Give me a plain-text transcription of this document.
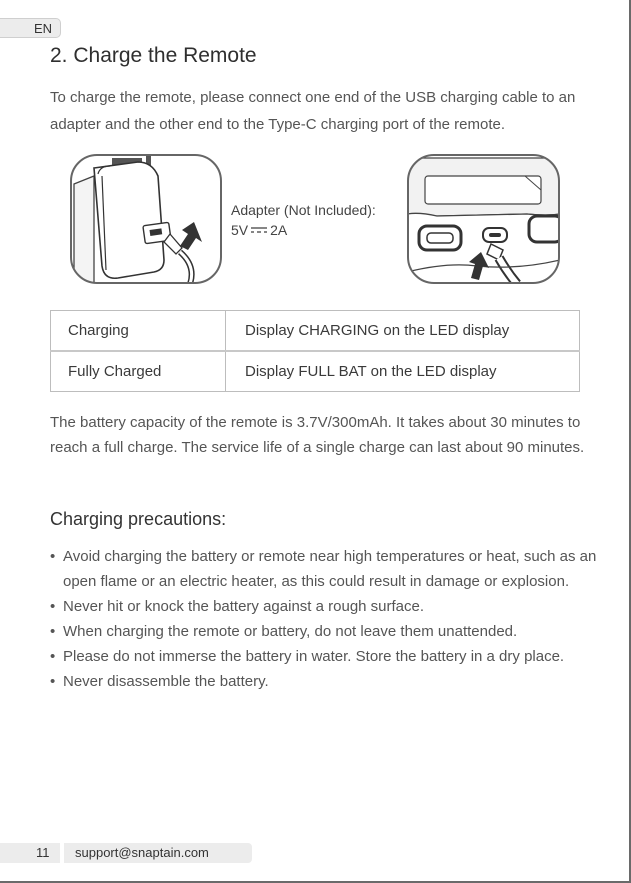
EN
2. Charge the Remote

To charge the remote, please connect one end of the USB charging cable to an adapter and the other end to the Type-C charging port of the remote.

Adapter (Not Included):
5V 2A
Charging	Display CHARGING on the LED display
Fully Charged	Display FULL BAT on the LED display

The battery capacity of the remote is 3.7V/300mAh. It takes about 30 minutes to reach a full charge. The service life of a single charge can last about 90 minutes.

Charging precautions:
• Avoid charging the battery or remote near high temperatures or heat, such as an open flame or an electric heater, as this could result in damage or explosion.
• Never hit or knock the battery against a rough surface.
• When charging the remote or battery, do not leave them unattended.
• Please do not immerse the battery in water. Store the battery in a dry place.
• Never disassemble the battery.
11 support@snaptain.com
